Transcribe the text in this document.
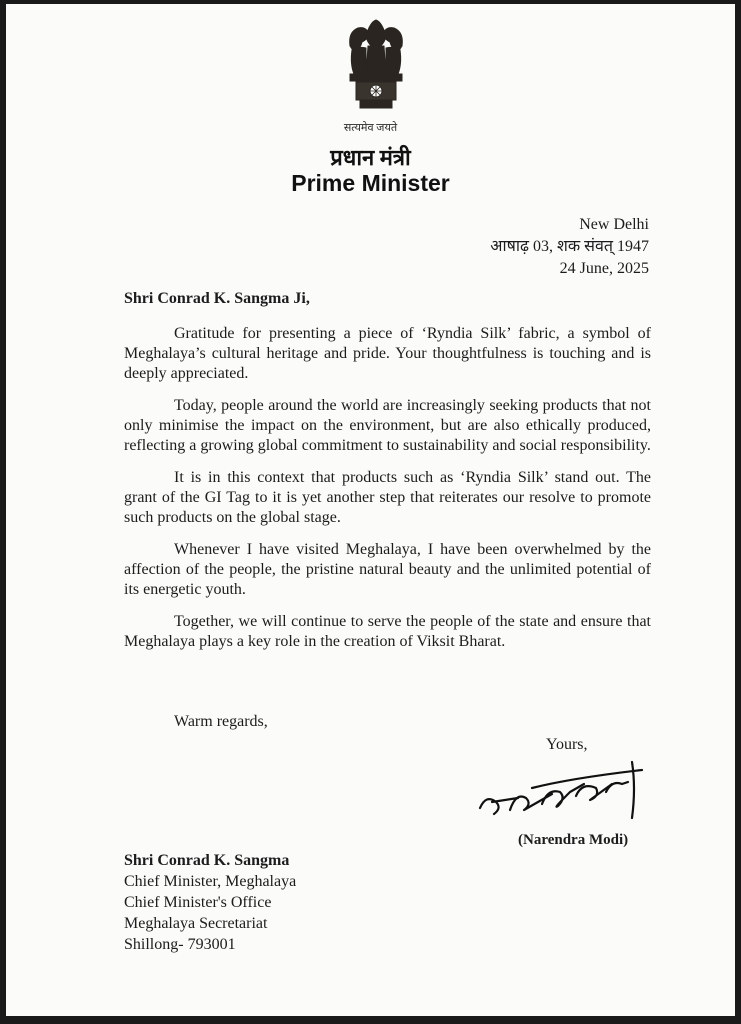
सत्यमेव जयते
प्रधान मंत्री
Prime Minister
New Delhi
आषाढ़ 03, शक संवत् 1947
24 June, 2025
Shri Conrad K. Sangma Ji,

Gratitude for presenting a piece of ‘Ryndia Silk’ fabric, a symbol of Meghalaya’s cultural heritage and pride. Your thoughtfulness is touching and is deeply appreciated.

Today, people around the world are increasingly seeking products that not only minimise the impact on the environment, but are also ethically produced, reflecting a growing global commitment to sustainability and social responsibility.

It is in this context that products such as ‘Ryndia Silk’ stand out. The grant of the GI Tag to it is yet another step that reiterates our resolve to promote such products on the global stage.

Whenever I have visited Meghalaya, I have been overwhelmed by the affection of the people, the pristine natural beauty and the unlimited potential of its energetic youth.

Together, we will continue to serve the people of the state and ensure that Meghalaya plays a key role in the creation of Viksit Bharat.

Warm regards,
Yours,
(Narendra Modi)
Shri Conrad K. Sangma
Chief Minister, Meghalaya
Chief Minister's Office
Meghalaya Secretariat
Shillong- 793001
